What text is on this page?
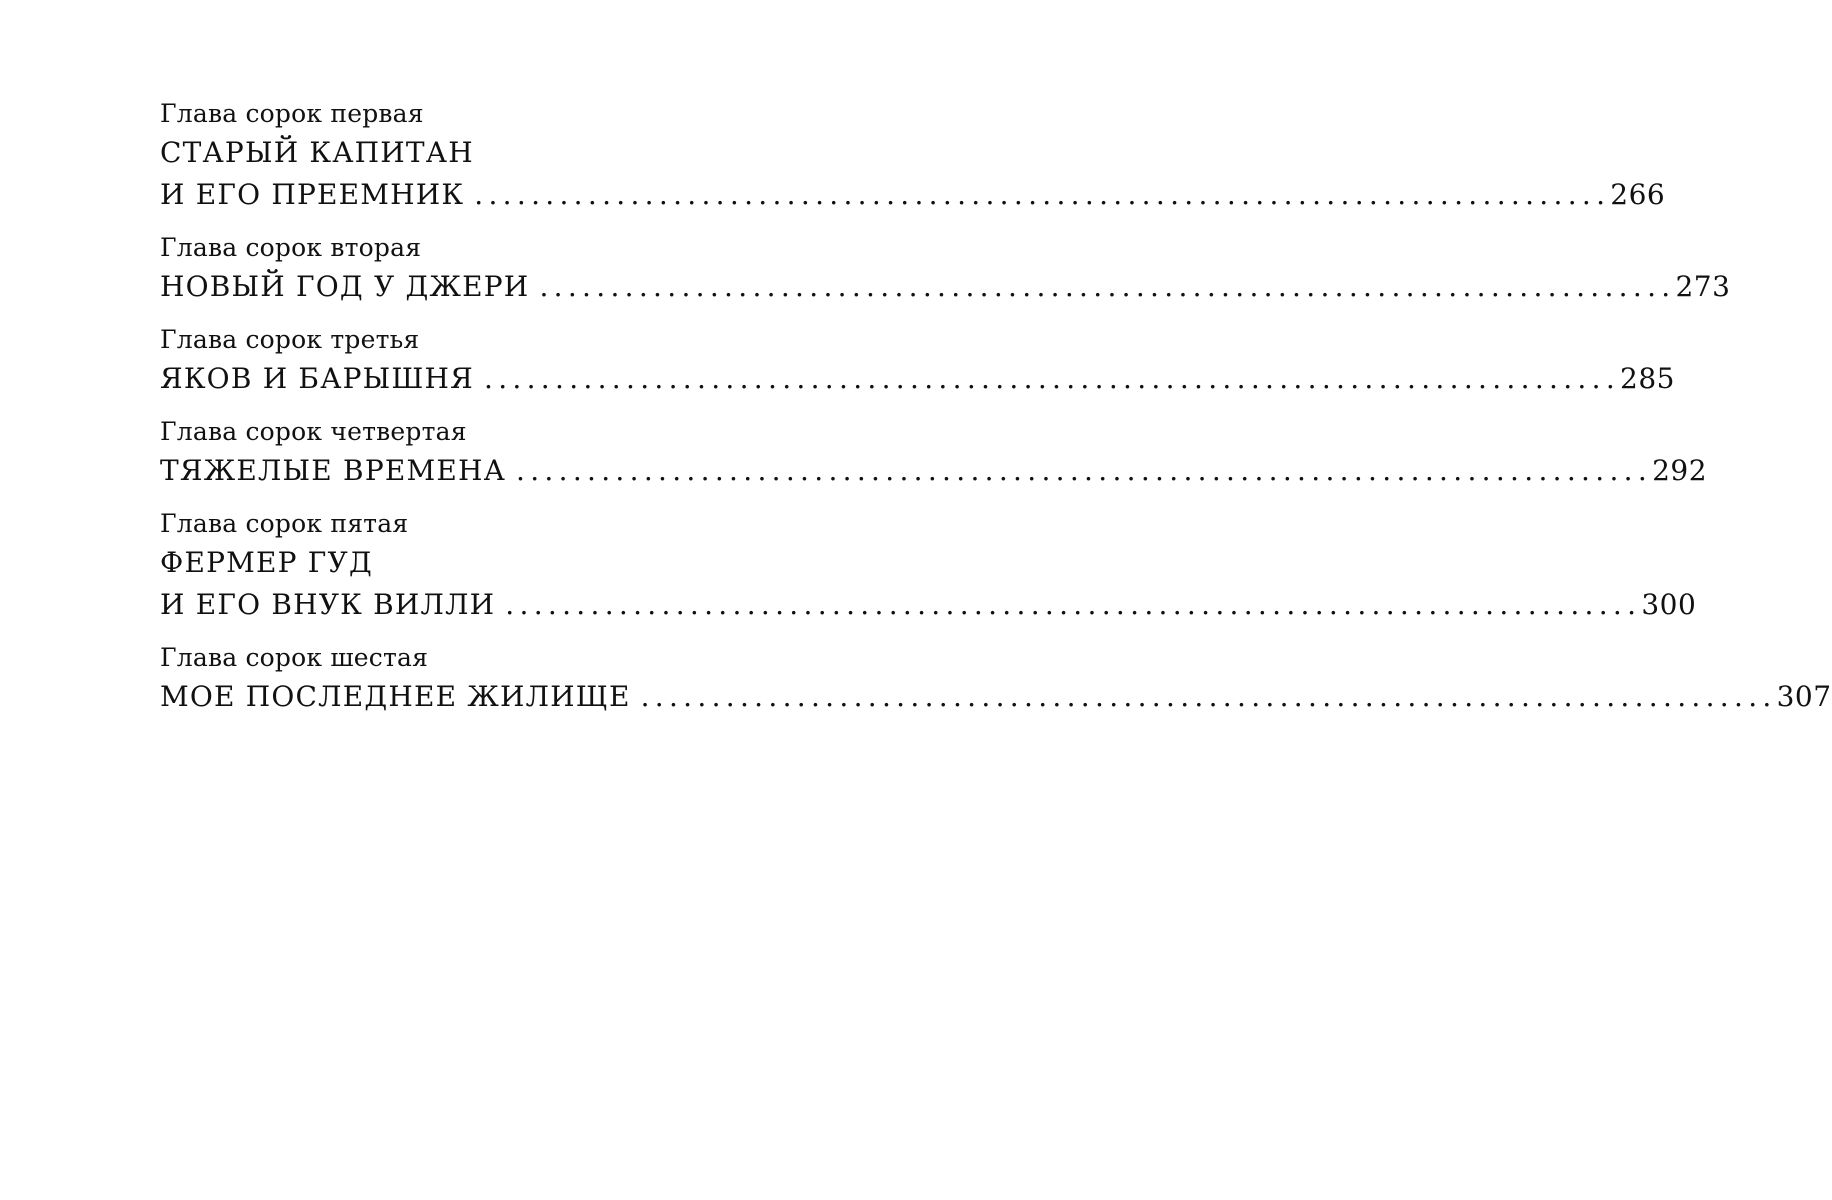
Глава сорок первая
СТАРЫЙ КАПИТАН
И ЕГО ПРЕЕМНИК ................................................................................ 266
Глава сорок вторая
НОВЫЙ ГОД У ДЖЕРИ ................................................................................ 273
Глава сорок третья
ЯКОВ И БАРЫШНЯ ................................................................................ 285
Глава сорок четвертая
ТЯЖЕЛЫЕ ВРЕМЕНА ................................................................................ 292
Глава сорок пятая
ФЕРМЕР ГУД
И ЕГО ВНУК ВИЛЛИ ................................................................................ 300
Глава сорок шестая
МОЕ ПОСЛЕДНЕЕ ЖИЛИЩЕ ................................................................................ 307
